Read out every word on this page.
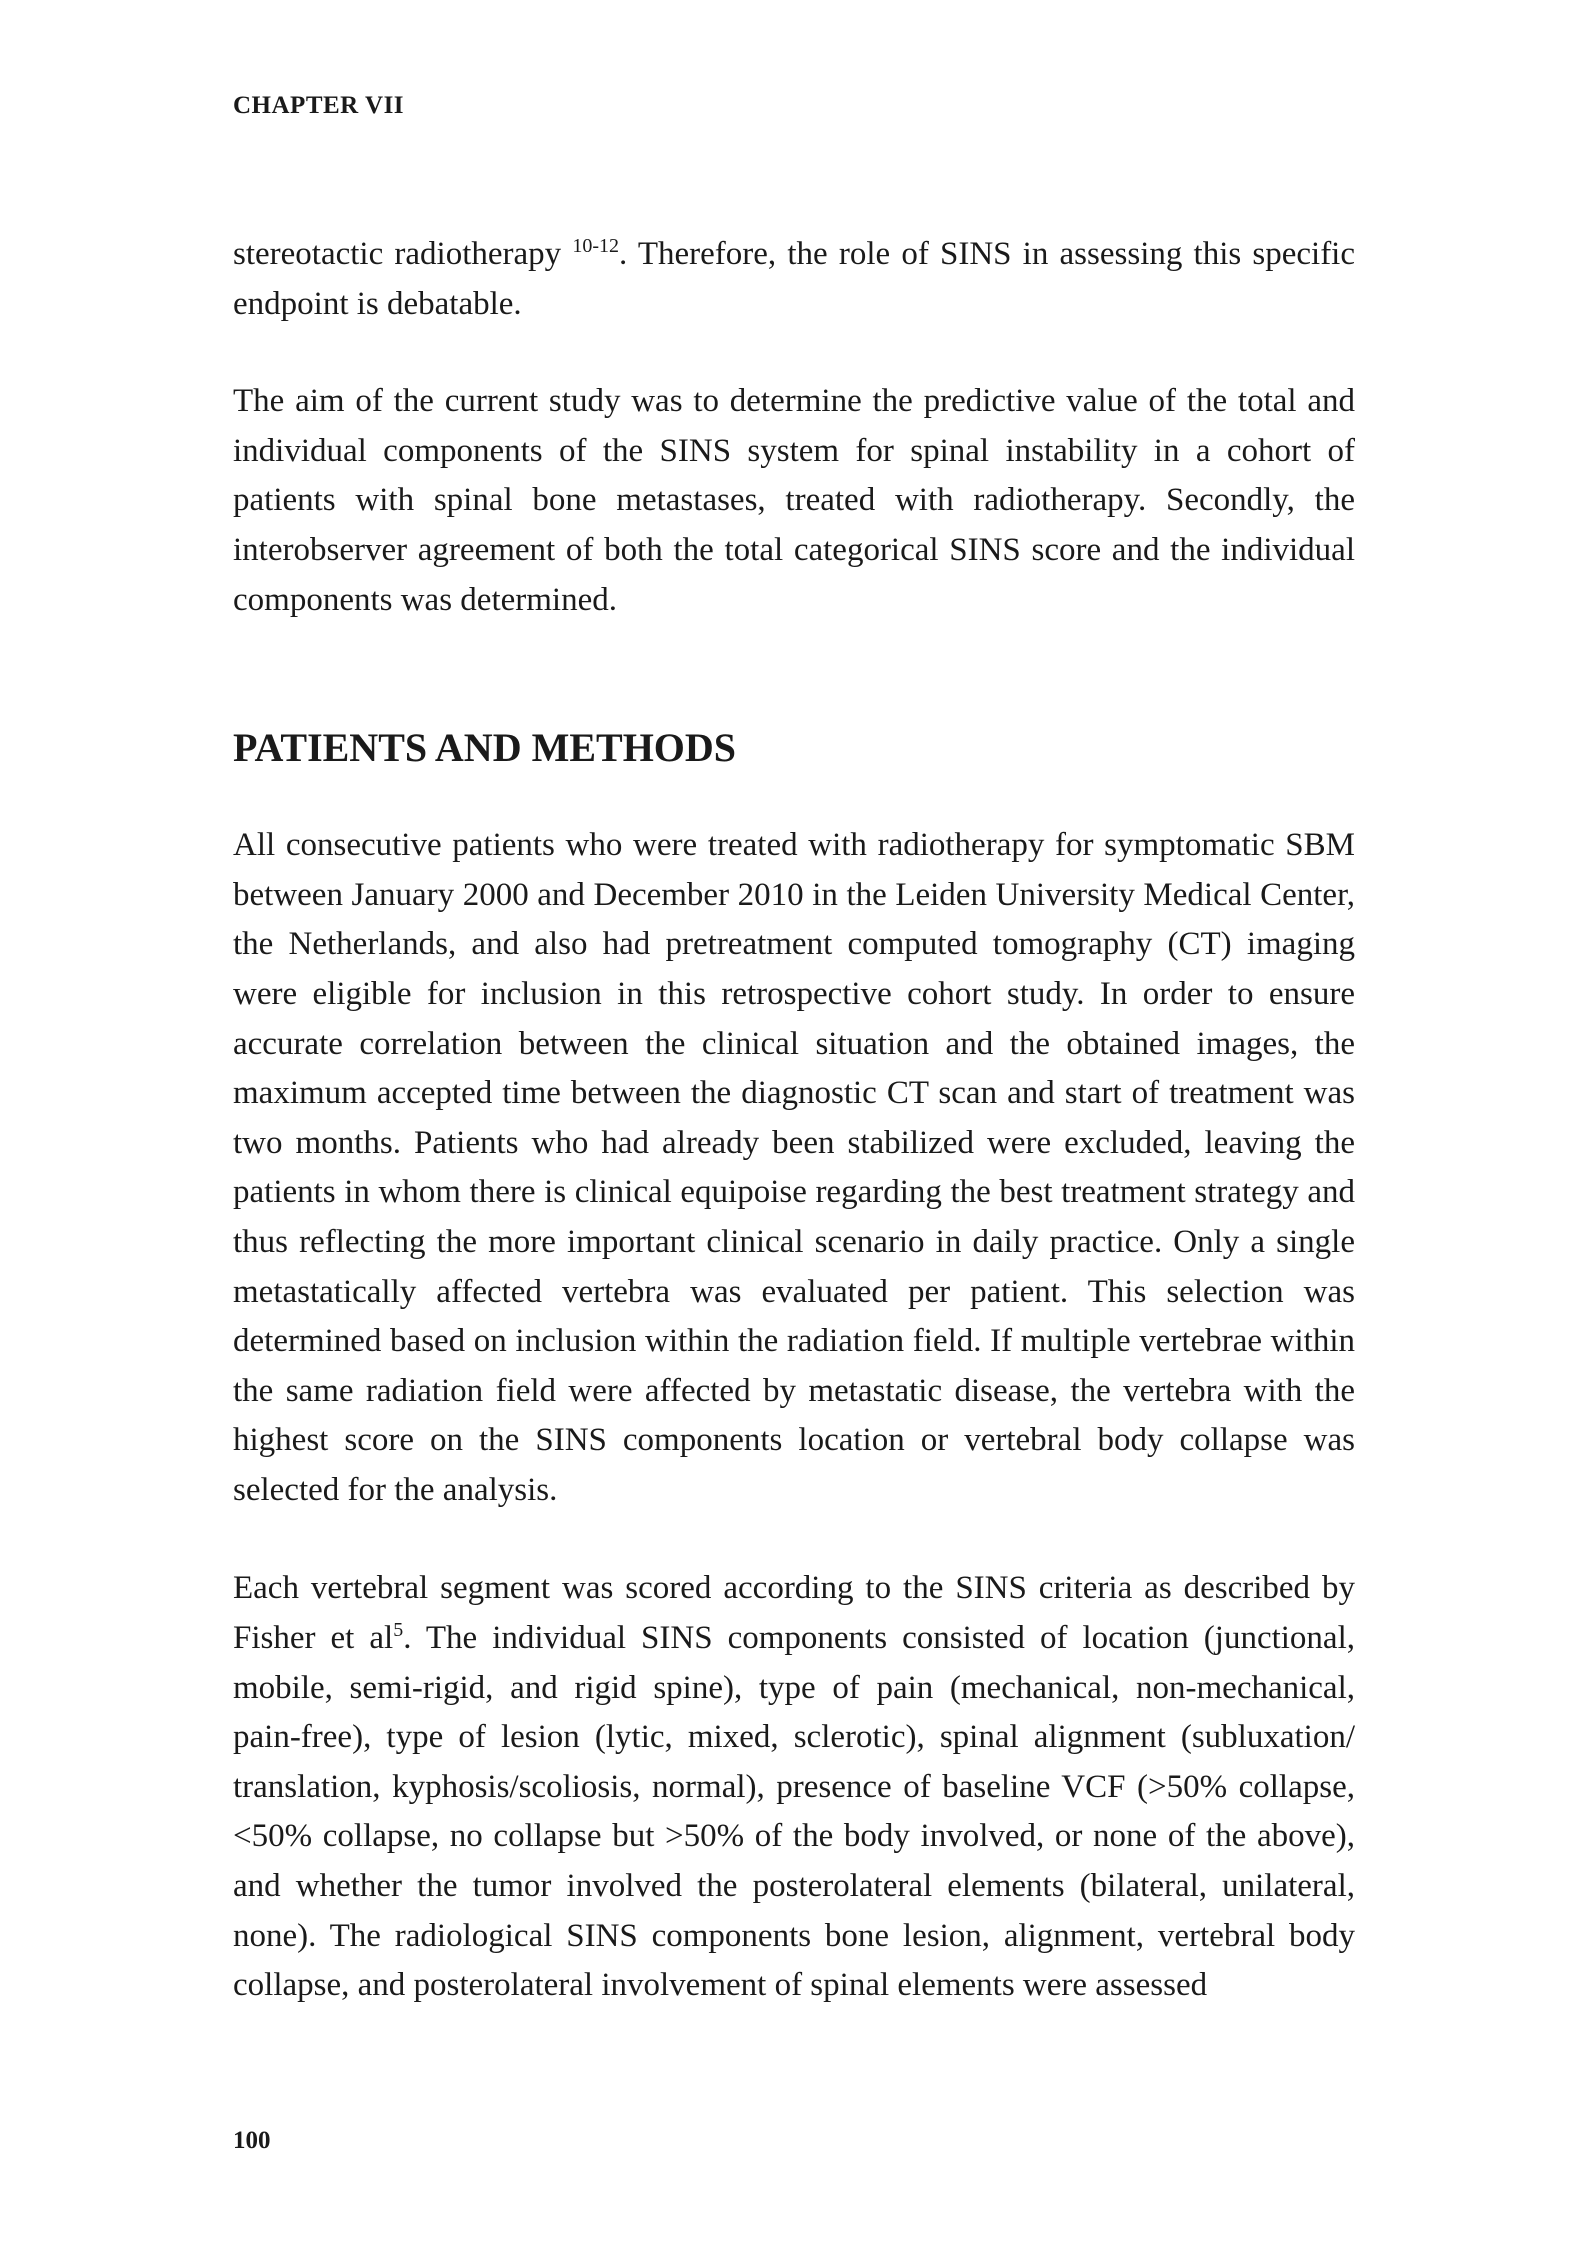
CHAPTER VII

stereotactic radiotherapy $^{10-12}$. Therefore, the role of SINS in assessing this specific endpoint is debatable.

The aim of the current study was to determine the predictive value of the total and individual components of the SINS system for spinal instability in a cohort of patients with spinal bone metastases, treated with radiotherapy. Secondly, the interobserver agreement of both the total categorical SINS score and the individual components was determined.

PATIENTS AND METHODS

All consecutive patients who were treated with radiotherapy for symptomatic SBM between January 2000 and December 2010 in the Leiden University Medical Center, the Netherlands, and also had pretreatment computed tomography (CT) imaging were eligible for inclusion in this retrospective cohort study. In order to ensure accurate correlation between the clinical situation and the obtained images, the maximum accepted time between the diagnostic CT scan and start of treatment was two months. Patients who had already been stabilized were excluded, leaving the patients in whom there is clinical equipoise regarding the best treatment strategy and thus reflecting the more important clinical scenario in daily practice. Only a single metastatically affected vertebra was evaluated per patient. This selection was determined based on inclusion within the radiation field. If multiple vertebrae within the same radiation field were affected by metastatic disease, the vertebra with the highest score on the SINS components location or vertebral body collapse was selected for the analysis.

Each vertebral segment was scored according to the SINS criteria as described by Fisher et $al^5$. The individual SINS components consisted of location (junctional, mobile, semi-rigid, and rigid spine), type of pain (mechanical, non-mechanical, pain-free), type of lesion (lytic, mixed, sclerotic), spinal alignment (subluxation/ translation, kyphosis/scoliosis, normal), presence of baseline VCF (>50% collapse, <50% collapse, no collapse but >50% of the body involved, or none of the above), and whether the tumor involved the posterolateral elements (bilateral, unilateral, none). The radiological SINS components bone lesion, alignment, vertebral body collapse, and posterolateral involvement of spinal elements were assessed

100
